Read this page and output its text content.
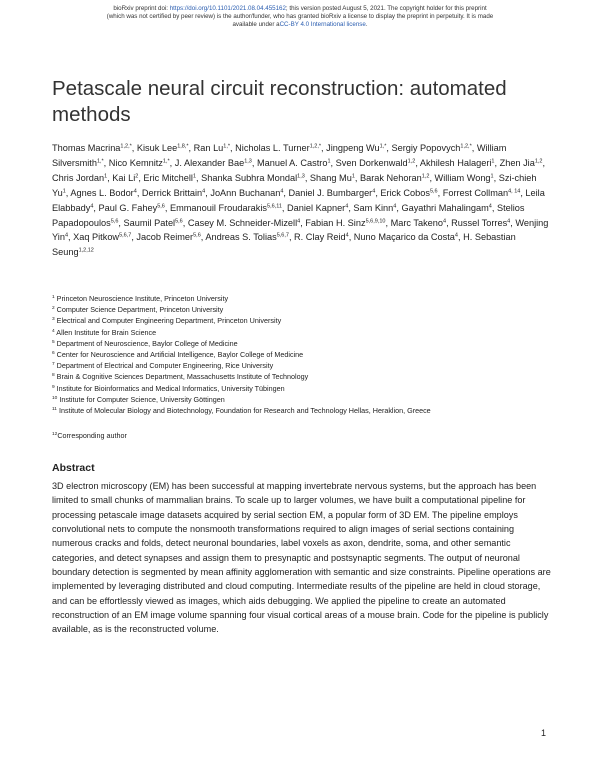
bioRxiv preprint doi: https://doi.org/10.1101/2021.08.04.455162; this version posted August 5, 2021. The copyright holder for this preprint
(which was not certified by peer review) is the author/funder, who has granted bioRxiv a license to display the preprint in perpetuity. It is made
available under aCC-BY 4.0 International license.
Petascale neural circuit reconstruction: automated methods
Thomas Macrina$^{1,2,*}$, Kisuk Lee$^{1,8,*}$, Ran $Lu^{1,*}$, Nicholas L. Turner$^{1,2,*}$, Jingpeng $Wu^{1,*}$, Sergiy Popovych$^{1,2,*}$, William Silversmith$^{1,*}$, Nico Kemnitz$^{1,*}$, J. Alexander Bae$^{1,3}$, Manuel A. Castro$^1$, Sven Dorkenwald$^{1,2}$, Akhilesh Halageri$^1$, Zhen Jia$^{1,2}$, Chris Jordan$^1$, Kai Li$^2$, Eric Mitchell$^1$, Shanka Subhra Mondal$^{1,3}$, Shang Mu$^1$, Barak Nehoran$^{1,2}$, William Wong$^1$, Szi-chieh Yu$^1$, Agnes L. Bodor$^4$, Derrick Brittain$^4$, JoAnn Buchanan$^4$, Daniel J. Bumbarger$^4$, Erick Cobos$^{5,6}$, Forrest Collman$^{4, 14}$, Leila Elabbady$^4$, Paul G. Fahey$^{5,6}$, Emmanouil Froudarakis$^{5,6,11}$, Daniel Kapner$^4$, Sam Kinn$^4$, Gayathri Mahalingam$^4$, Stelios Papadopoulos$^{5,6}$, Saumil Patel$^{5,6}$, Casey M. Schneider-Mizell$^4$, Fabian H. Sinz$^{5,6,9,10}$, Marc Takeno$^4$, Russel Torres$^4$, Wenjing Yin$^4$, Xaq Pitkow$^{5,6,7}$, Jacob Reimer$^{5,6}$, Andreas S. Tolias$^{5,6,7}$, R. Clay Reid$^4$, Nuno Maçarico da Costa$^4$, H. Sebastian Seung$^{1,2,12}$
$^1$ Princeton Neuroscience Institute, Princeton University
$^2$ Computer Science Department, Princeton University
$^3$ Electrical and Computer Engineering Department, Princeton University
$^4$ Allen Institute for Brain Science
$^5$ Department of Neuroscience, Baylor College of Medicine
$^6$ Center for Neuroscience and Artificial Intelligence, Baylor College of Medicine
$^7$ Department of Electrical and Computer Engineering, Rice University
$^8$ Brain & Cognitive Sciences Department, Massachusetts Institute of Technology
$^9$ Institute for Bioinformatics and Medical Informatics, University Tübingen
$^{10}$ Institute for Computer Science, University Göttingen
$^{11}$ Institute of Molecular Biology and Biotechnology, Foundation for Research and Technology Hellas, Heraklion, Greece
$^{12}$Corresponding author
Abstract

3D electron microscopy (EM) has been successful at mapping invertebrate nervous systems, but the approach has been limited to small chunks of mammalian brains. To scale up to larger volumes, we have built a computational pipeline for processing petascale image datasets acquired by serial section EM, a popular form of 3D EM. The pipeline employs convolutional nets to compute the nonsmooth transformations required to align images of serial sections containing numerous cracks and folds, detect neuronal boundaries, label voxels as axon, dendrite, soma, and other semantic categories, and detect synapses and assign them to presynaptic and postsynaptic segments. The output of neuronal boundary detection is segmented by mean affinity agglomeration with semantic and size constraints. Pipeline operations are implemented by leveraging distributed and cloud computing. Intermediate results of the pipeline are held in cloud storage, and can be effortlessly viewed as images, which aids debugging. We applied the pipeline to create an automated reconstruction of an EM image volume spanning four visual cortical areas of a mouse brain. Code for the pipeline is publicly available, as is the reconstructed volume.

1
